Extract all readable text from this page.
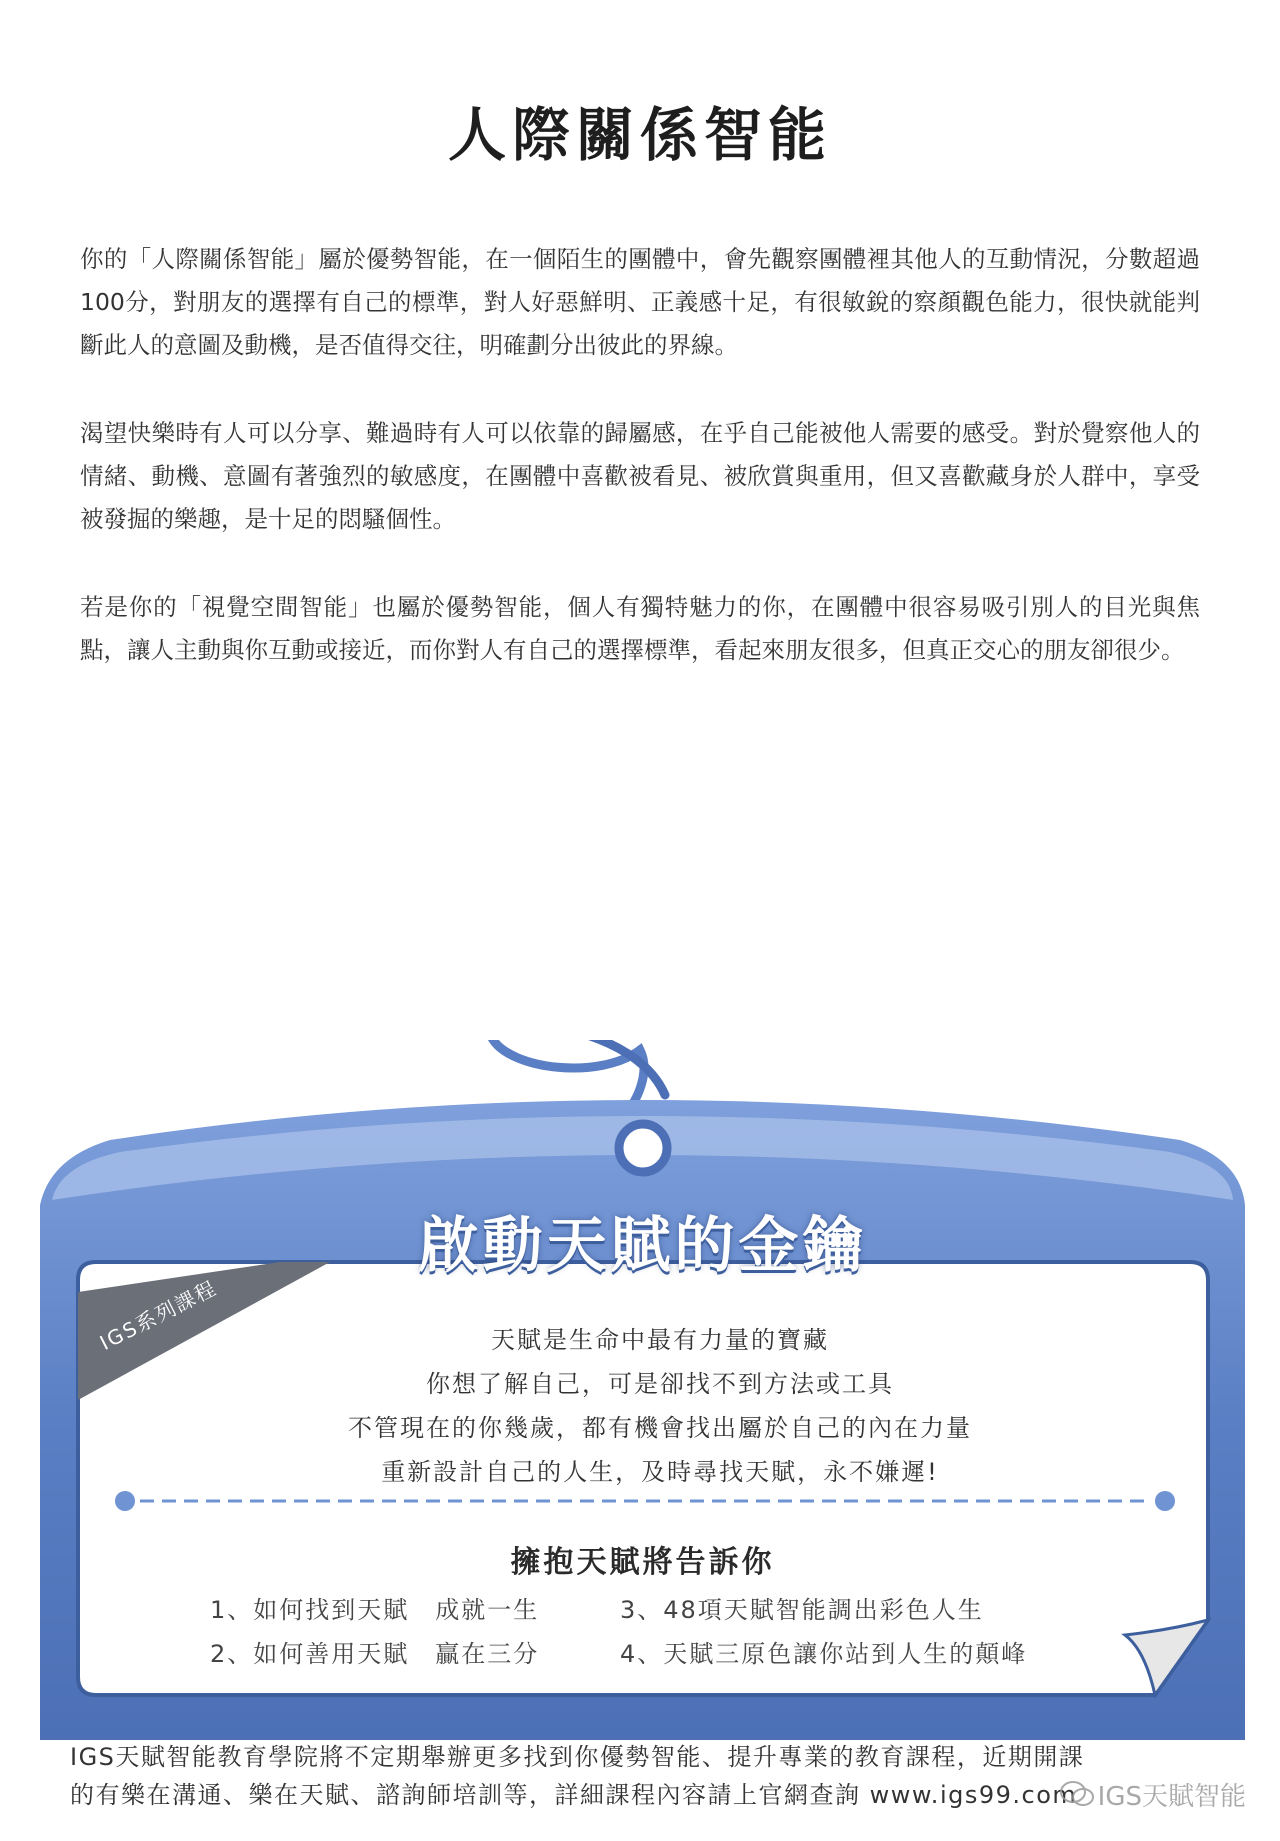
人際關係智能

你的「人際關係智能」屬於優勢智能，在一個陌生的團體中，會先觀察團體裡其他人的互動情況，分數超過100分，對朋友的選擇有自己的標準，對人好惡鮮明、正義感十足，有很敏銳的察顏觀色能力，很快就能判斷此人的意圖及動機，是否值得交往，明確劃分出彼此的界線。

渴望快樂時有人可以分享、難過時有人可以依靠的歸屬感，在乎自己能被他人需要的感受。對於覺察他人的情緒、動機、意圖有著強烈的敏感度，在團體中喜歡被看見、被欣賞與重用，但又喜歡藏身於人群中，享受被發掘的樂趣，是十足的悶騷個性。

若是你的「視覺空間智能」也屬於優勢智能，個人有獨特魅力的你，在團體中很容易吸引別人的目光與焦點，讓人主動與你互動或接近，而你對人有自己的選擇標準，看起來朋友很多，但真正交心的朋友卻很少。

啟動天賦的金鑰
IGS系列課程	天賦是生命中最有力量的寶藏
你想了解自己，可是卻找不到方法或工具
不管現在的你幾歲，都有機會找出屬於自己的內在力量
重新設計自己的人生，及時尋找天賦，永不嫌遲!
擁抱天賦將告訴你
1、如何找到天賦　成就一生
2、如何善用天賦　贏在三分
3、48項天賦智能調出彩色人生
4、天賦三原色讓你站到人生的顛峰
IGS天賦智能教育學院將不定期舉辦更多找到你優勢智能、提升專業的教育課程，近期開課
的有樂在溝通、樂在天賦、諮詢師培訓等，詳細課程內容請上官網查詢 www.igs99.com IGS天賦智能
